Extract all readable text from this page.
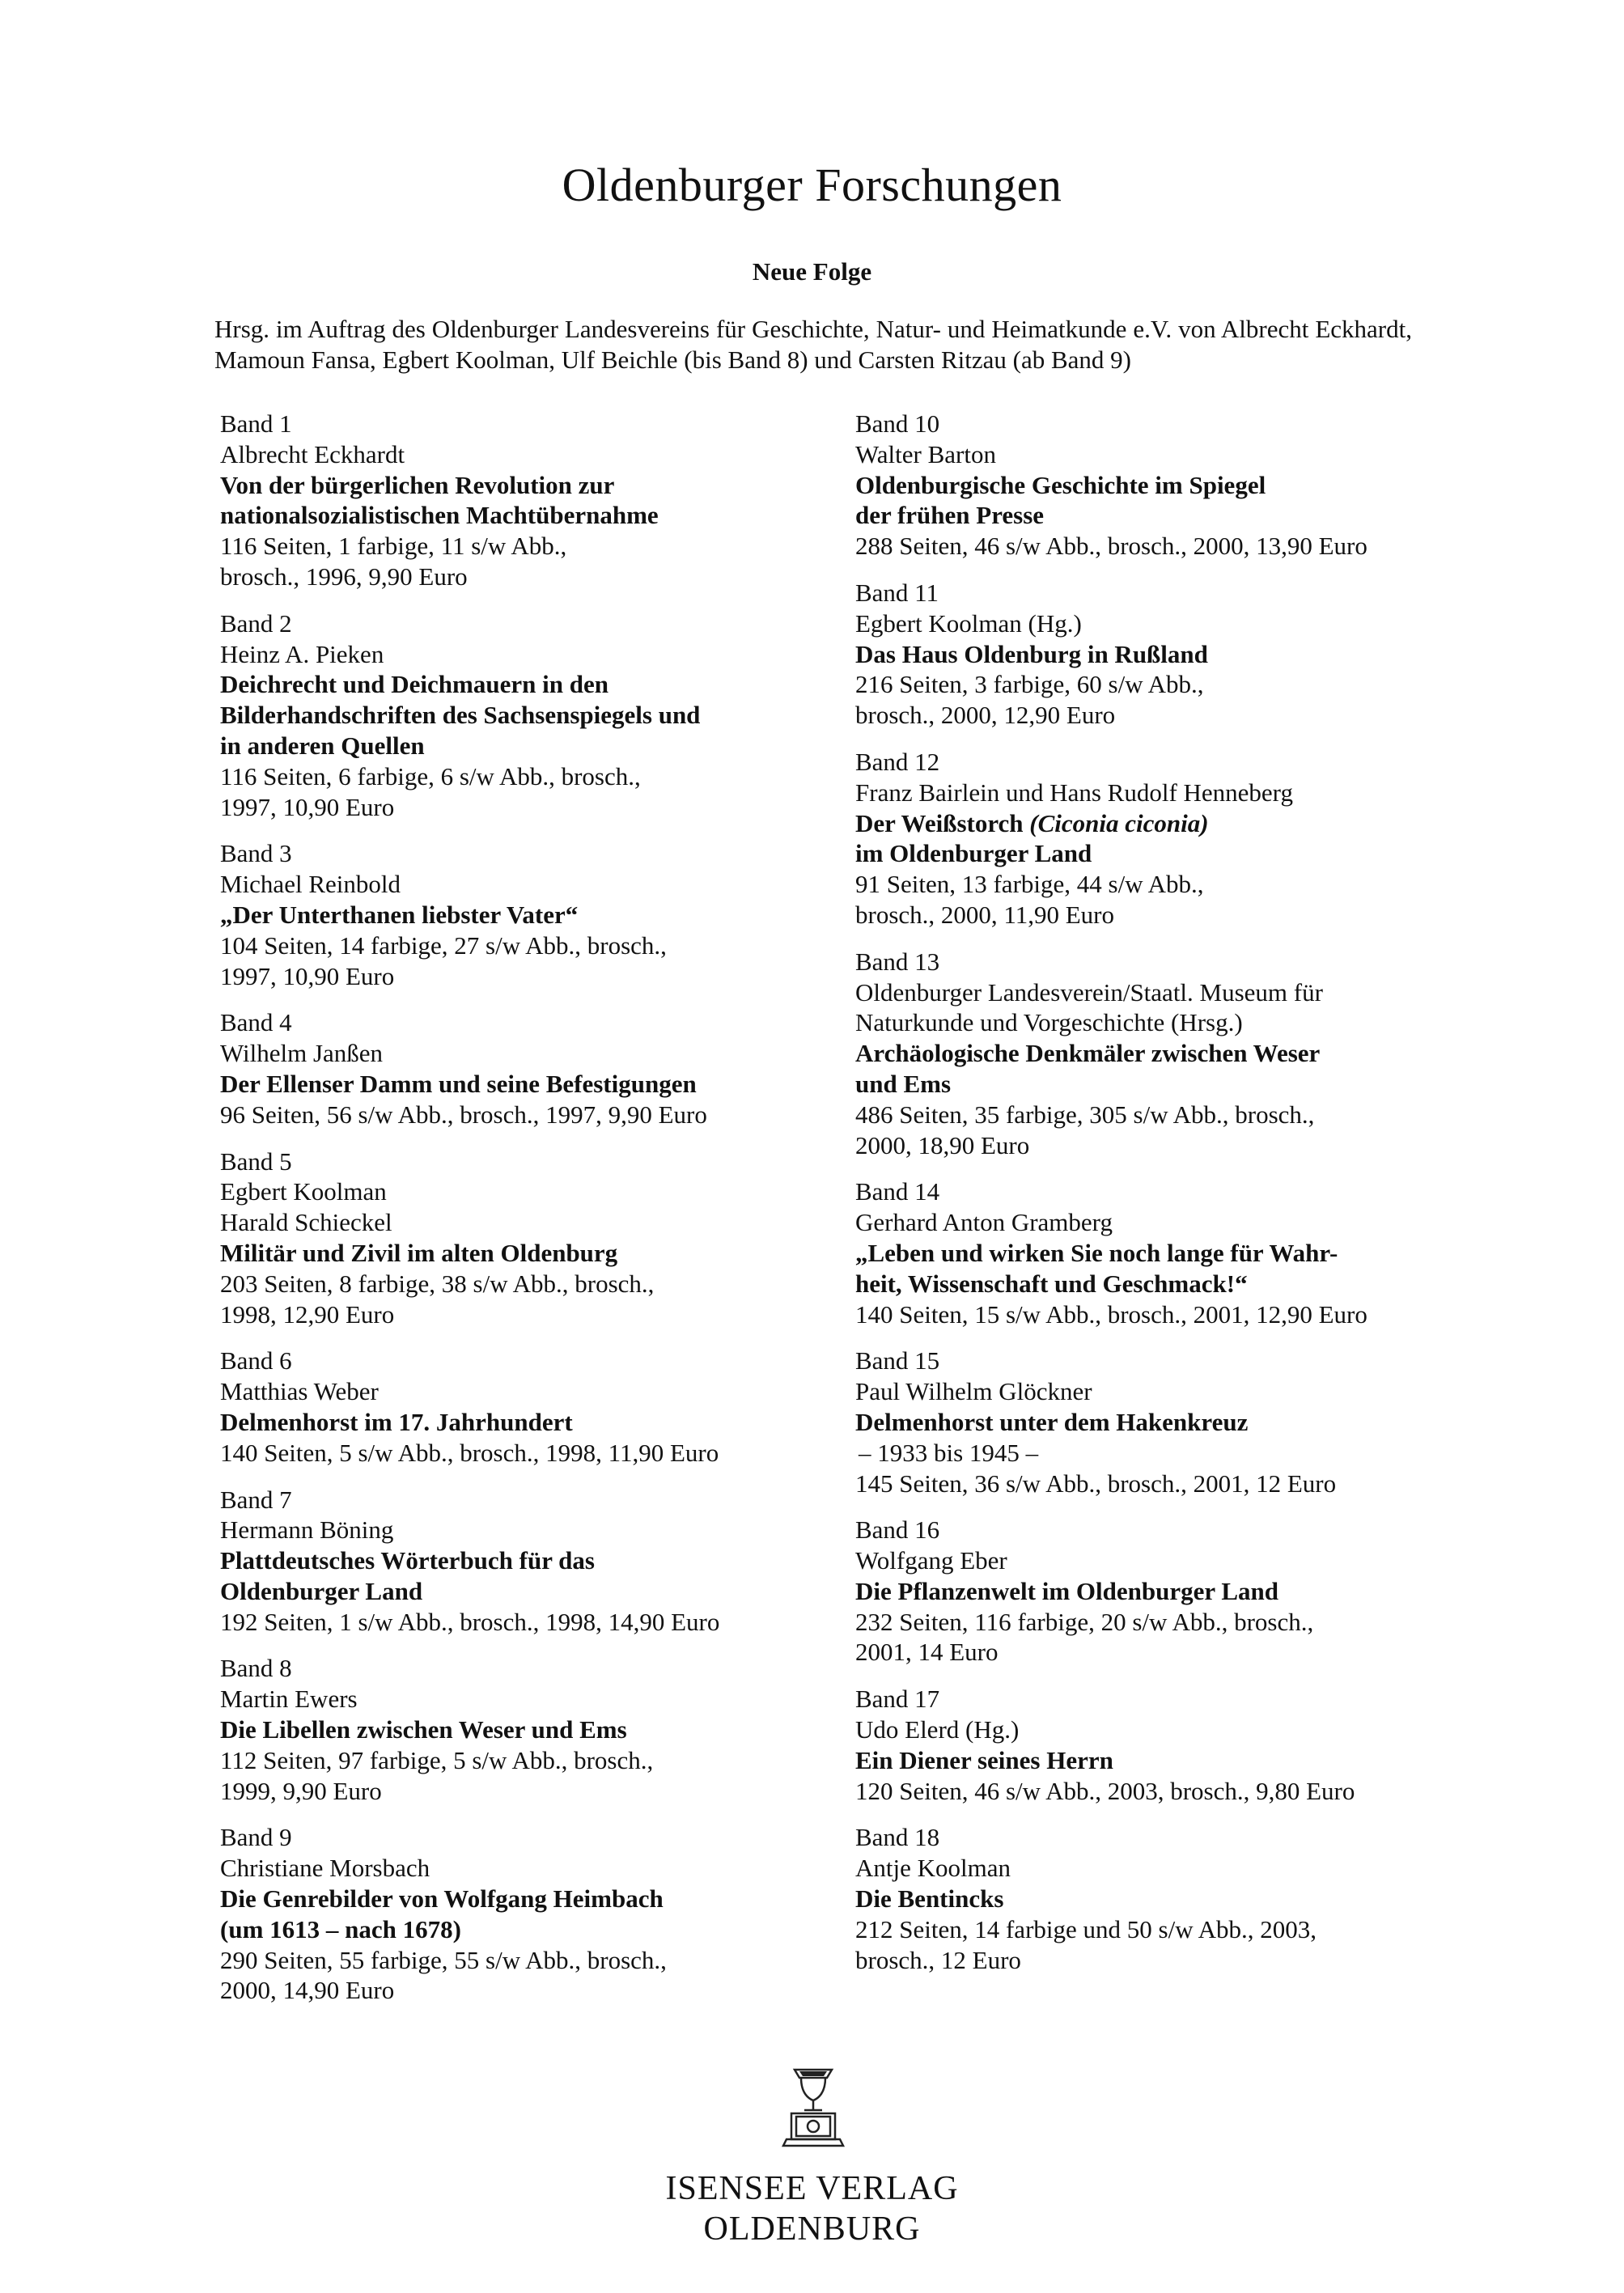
Oldenburger Forschungen
Neue Folge
Hrsg. im Auftrag des Oldenburger Landesvereins für Geschichte, Natur- und Heimatkunde e.V. von Albrecht Eckhardt, Mamoun Fansa, Egbert Koolman, Ulf Beichle (bis Band 8) und Carsten Ritzau (ab Band 9)
Band 1
Albrecht Eckhardt
Von der bürgerlichen Revolution zur
nationalsozialistischen Machtübernahme
116 Seiten, 1 farbige, 11 s/w Abb.,
brosch., 1996, 9,90 Euro
Band 2
Heinz A. Pieken
Deichrecht und Deichmauern in den
Bilderhandschriften des Sachsenspiegels und
in anderen Quellen
116 Seiten, 6 farbige, 6 s/w Abb., brosch.,
1997, 10,90 Euro
Band 3
Michael Reinbold
„Der Unterthanen liebster Vater“
104 Seiten, 14 farbige, 27 s/w Abb., brosch.,
1997, 10,90 Euro
Band 4
Wilhelm Janßen
Der Ellenser Damm und seine Befestigungen
96 Seiten, 56 s/w Abb., brosch., 1997, 9,90 Euro
Band 5
Egbert Koolman
Harald Schieckel
Militär und Zivil im alten Oldenburg
203 Seiten, 8 farbige, 38 s/w Abb., brosch.,
1998, 12,90 Euro
Band 6
Matthias Weber
Delmenhorst im 17. Jahrhundert
140 Seiten, 5 s/w Abb., brosch., 1998, 11,90 Euro
Band 7
Hermann Böning
Plattdeutsches Wörterbuch für das
Oldenburger Land
192 Seiten, 1 s/w Abb., brosch., 1998, 14,90 Euro
Band 8
Martin Ewers
Die Libellen zwischen Weser und Ems
112 Seiten, 97 farbige, 5 s/w Abb., brosch.,
1999, 9,90 Euro
Band 9
Christiane Morsbach
Die Genrebilder von Wolfgang Heimbach
(um 1613 – nach 1678)
290 Seiten, 55 farbige, 55 s/w Abb., brosch.,
2000, 14,90 Euro
Band 10
Walter Barton
Oldenburgische Geschichte im Spiegel
der frühen Presse
288 Seiten, 46 s/w Abb., brosch., 2000, 13,90 Euro
Band 11
Egbert Koolman (Hg.)
Das Haus Oldenburg in Rußland
216 Seiten, 3 farbige, 60 s/w Abb.,
brosch., 2000, 12,90 Euro
Band 12
Franz Bairlein und Hans Rudolf Henneberg
Der Weißstorch (Ciconia ciconia)
im Oldenburger Land
91 Seiten, 13 farbige, 44 s/w Abb.,
brosch., 2000, 11,90 Euro
Band 13
Oldenburger Landesverein/Staatl. Museum für
Naturkunde und Vorgeschichte (Hrsg.)
Archäologische Denkmäler zwischen Weser
und Ems
486 Seiten, 35 farbige, 305 s/w Abb., brosch.,
2000, 18,90 Euro
Band 14
Gerhard Anton Gramberg
„Leben und wirken Sie noch lange für Wahr-
heit, Wissenschaft und Geschmack!“
140 Seiten, 15 s/w Abb., brosch., 2001, 12,90 Euro
Band 15
Paul Wilhelm Glöckner
Delmenhorst unter dem Hakenkreuz
– 1933 bis 1945 –
145 Seiten, 36 s/w Abb., brosch., 2001, 12 Euro
Band 16
Wolfgang Eber
Die Pflanzenwelt im Oldenburger Land
232 Seiten, 116 farbige, 20 s/w Abb., brosch.,
2001, 14 Euro
Band 17
Udo Elerd (Hg.)
Ein Diener seines Herrn
120 Seiten, 46 s/w Abb., 2003, brosch., 9,80 Euro
Band 18
Antje Koolman
Die Bentincks
212 Seiten, 14 farbige und 50 s/w Abb., 2003,
brosch., 12 Euro
ISENSEE VERLAG
OLDENBURG
